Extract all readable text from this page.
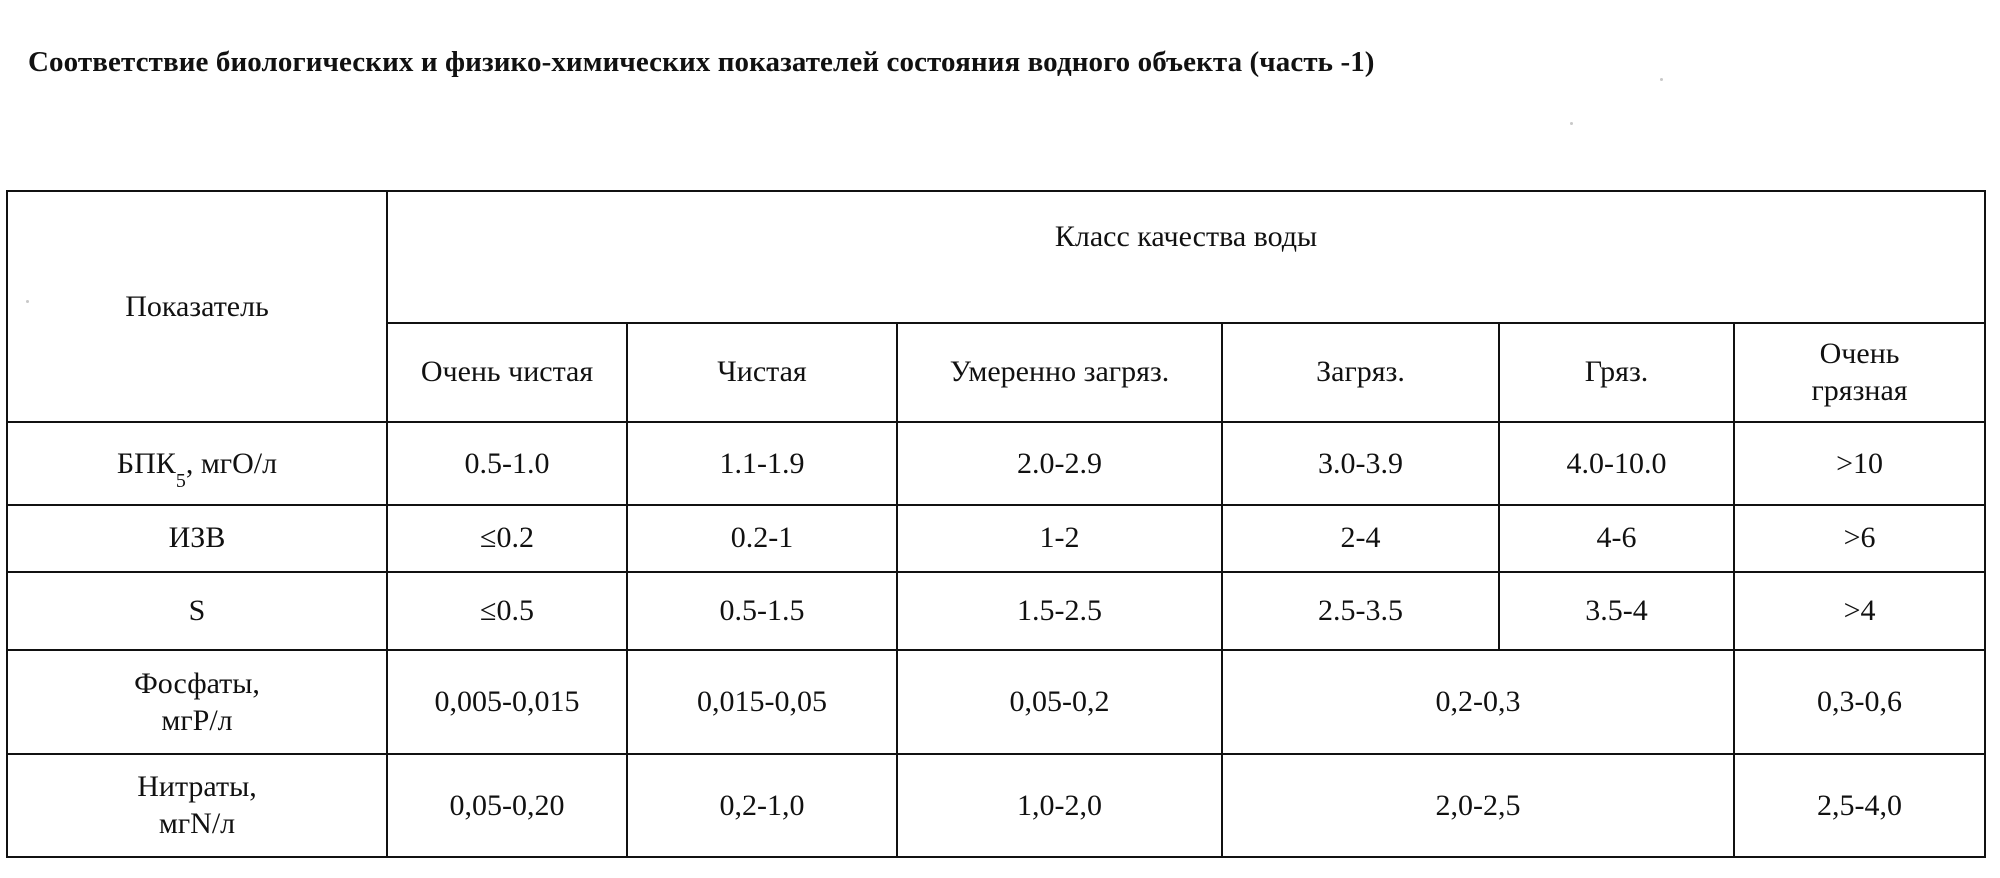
Соответствие биологических и физико-химических показателей состояния водного объекта (часть -1)
Показатель	Класс качества воды					
	Очень чистая	Чистая	Умеренно загряз.	Загряз.	Гряз.	Очень грязная
$БПК_5$, мгО/л	0.5-1.0	1.1-1.9	2.0-2.9	3.0-3.9	4.0-10.0	>10
ИЗВ	≤0.2	0.2-1	1-2	2-4	4-6	>6
S	≤0.5	0.5-1.5	1.5-2.5	2.5-3.5	3.5-4	>4
Фосфаты,
мгР/л	0,005-0,015	0,015-0,05	0,05-0,2	0,2-0,3		0,3-0,6
Нитраты,
мгN/л	0,05-0,20	0,2-1,0	1,0-2,0	2,0-2,5		2,5-4,0
